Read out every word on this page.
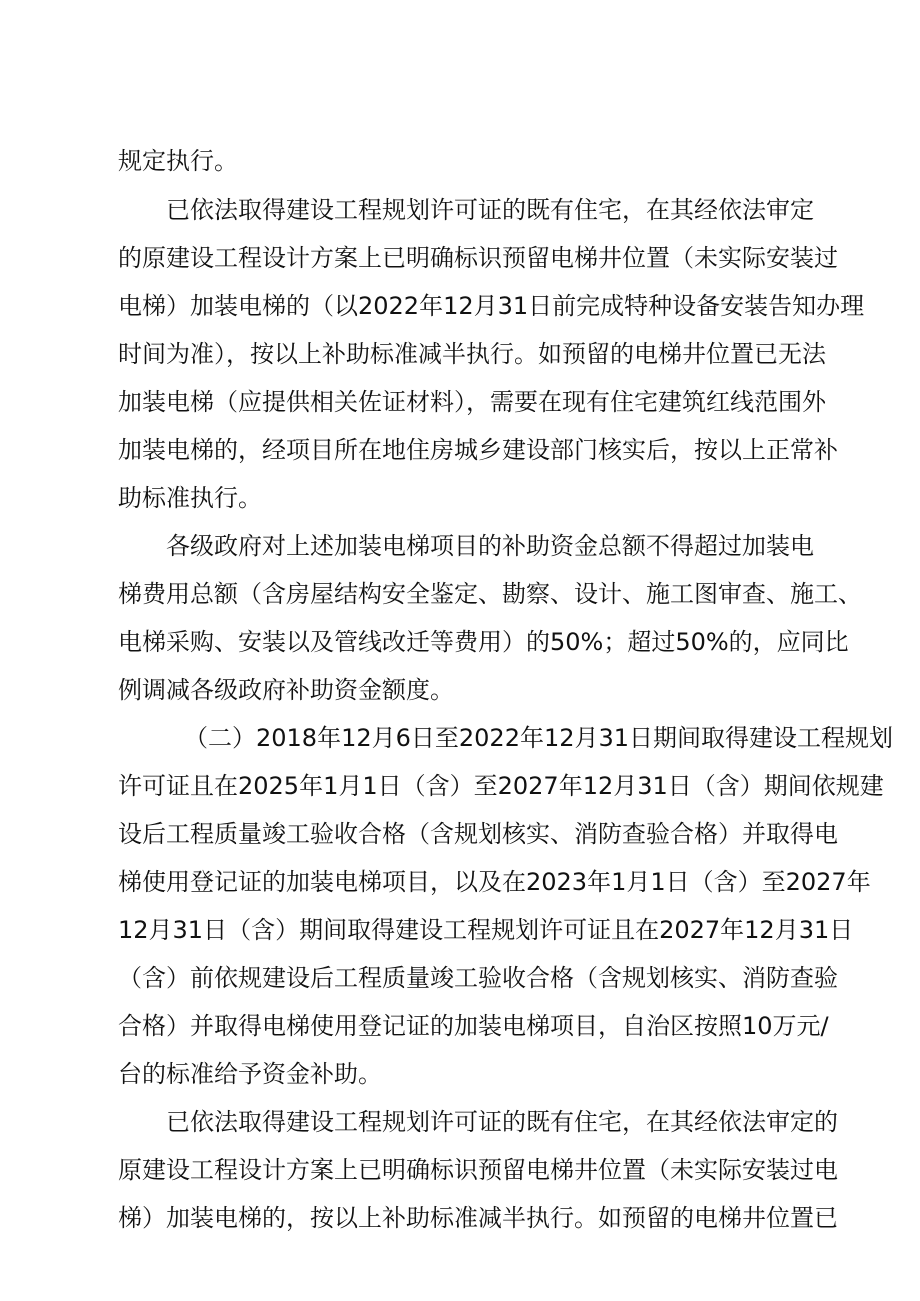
规定执行。
已依法取得建设工程规划许可证的既有住宅，在其经依法审定
的原建设工程设计方案上已明确标识预留电梯井位置（未实际安装过
电梯）加装电梯的（以2022年12月31日前完成特种设备安装告知办理
时间为准），按以上补助标准减半执行。如预留的电梯井位置已无法
加装电梯（应提供相关佐证材料），需要在现有住宅建筑红线范围外
加装电梯的，经项目所在地住房城乡建设部门核实后，按以上正常补
助标准执行。
各级政府对上述加装电梯项目的补助资金总额不得超过加装电
梯费用总额（含房屋结构安全鉴定、勘察、设计、施工图审查、施工、
电梯采购、安装以及管线改迁等费用）的50%；超过50%的，应同比
例调减各级政府补助资金额度。
（二）2018年12月6日至2022年12月31日期间取得建设工程规划
许可证且在2025年1月1日（含）至2027年12月31日（含）期间依规建
设后工程质量竣工验收合格（含规划核实、消防查验合格）并取得电
梯使用登记证的加装电梯项目，以及在2023年1月1日（含）至2027年
12月31日（含）期间取得建设工程规划许可证且在2027年12月31日
（含）前依规建设后工程质量竣工验收合格（含规划核实、消防查验
合格）并取得电梯使用登记证的加装电梯项目，自治区按照10万元/
台的标准给予资金补助。
已依法取得建设工程规划许可证的既有住宅，在其经依法审定的
原建设工程设计方案上已明确标识预留电梯井位置（未实际安装过电
梯）加装电梯的，按以上补助标准减半执行。如预留的电梯井位置已
